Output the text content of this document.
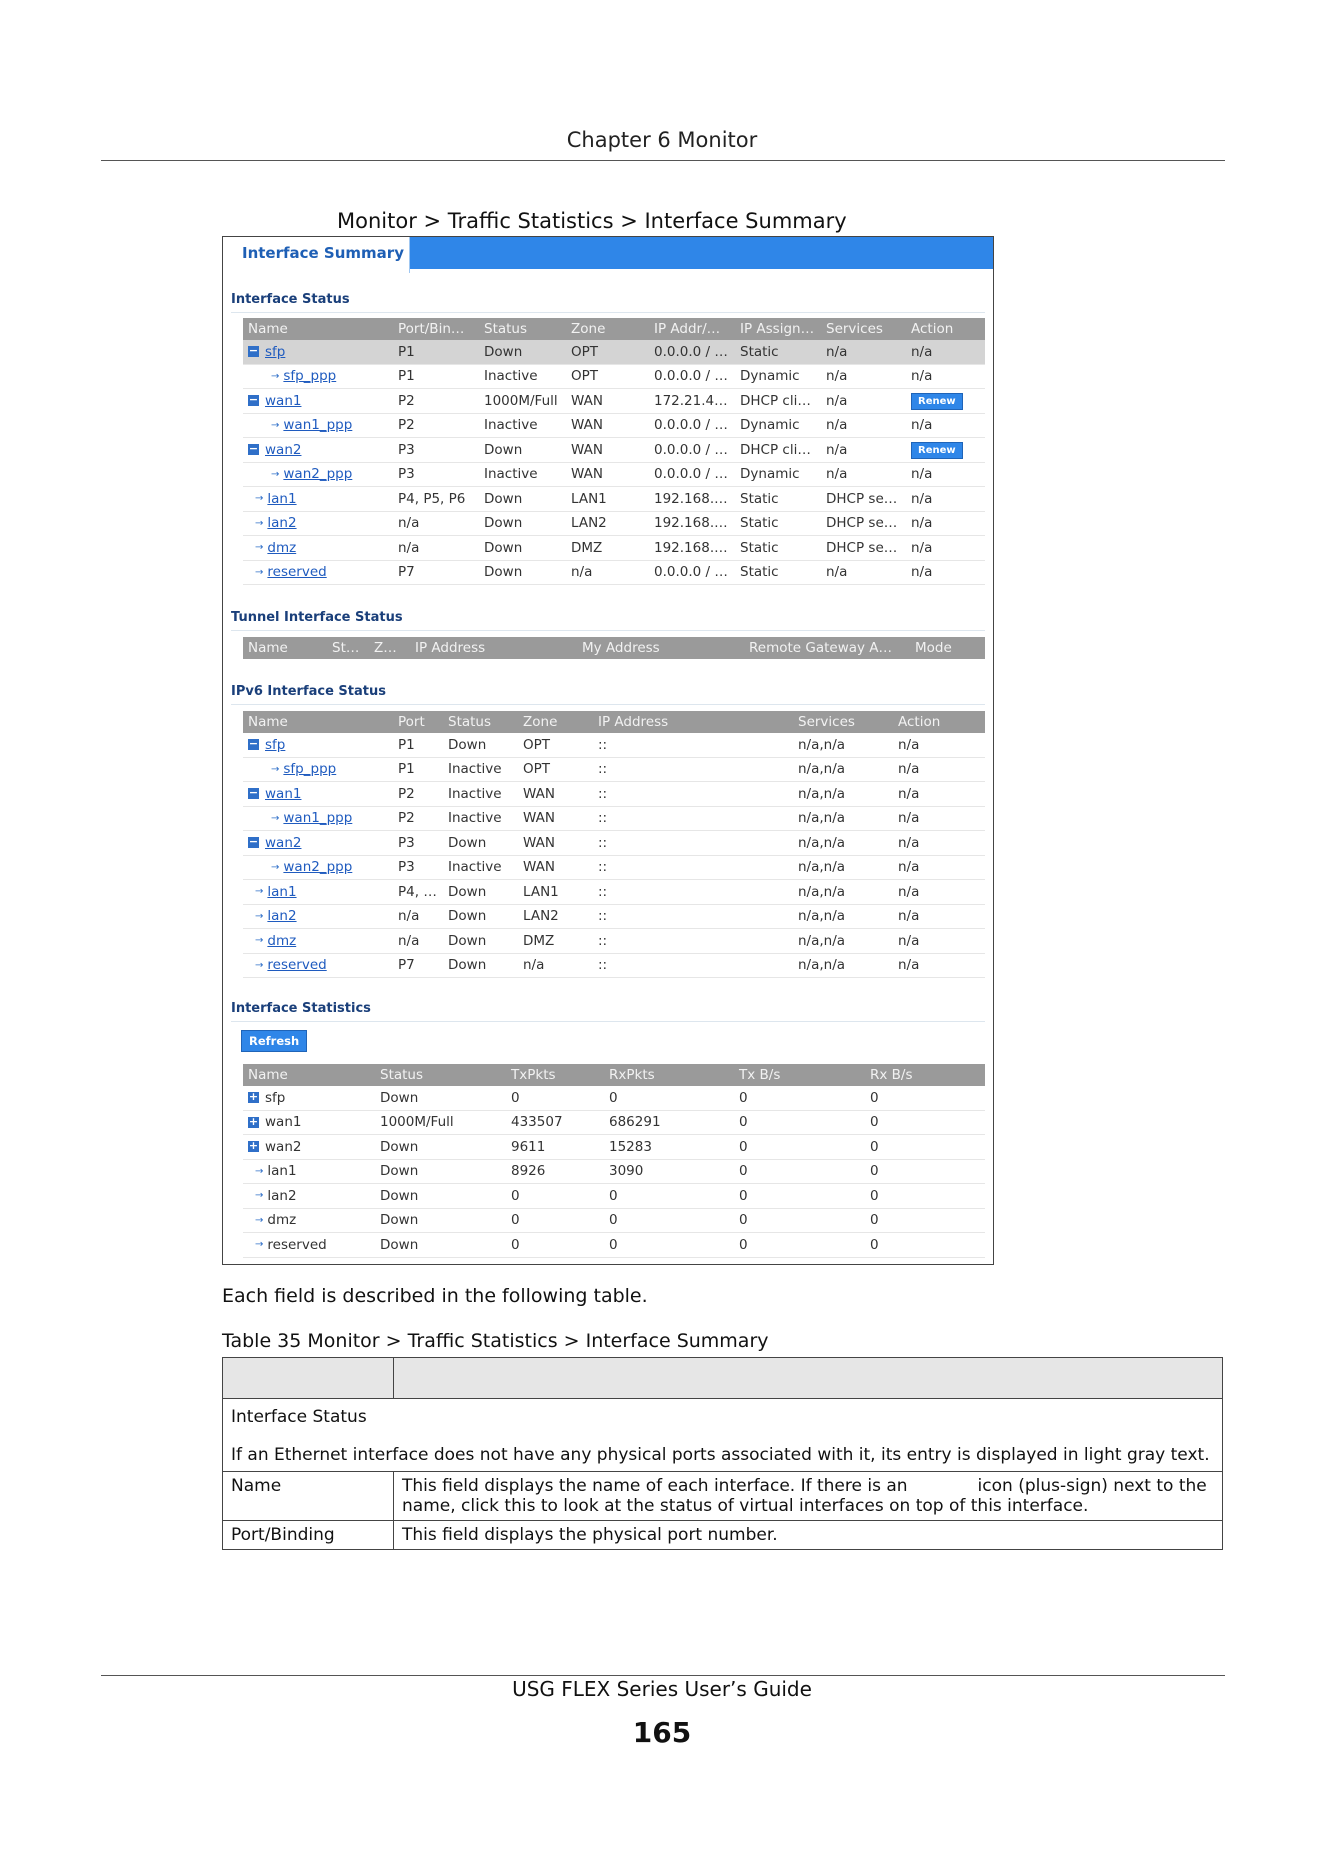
Chapter 6 Monitor
Monitor > Traffic Statistics > Interface Summary
Interface Summary
Interface Status
Name	Port/Bin…	Status	Zone	IP Addr/…	IP Assign…	Services	Action
− sfp	P1	Down	OPT	0.0.0.0 / …	Static	n/a	n/a
→ sfp_ppp	P1	Inactive	OPT	0.0.0.0 / …	Dynamic	n/a	n/a
− wan1	P2	1000M/Full	WAN	172.21.4…	DHCP cli…	n/a	Renew
→ wan1_ppp	P2	Inactive	WAN	0.0.0.0 / …	Dynamic	n/a	n/a
− wan2	P3	Down	WAN	0.0.0.0 / …	DHCP cli…	n/a	Renew
→ wan2_ppp	P3	Inactive	WAN	0.0.0.0 / …	Dynamic	n/a	n/a
→ lan1	P4, P5, P6	Down	LAN1	192.168.…	Static	DHCP se…	n/a
→ lan2	n/a	Down	LAN2	192.168.…	Static	DHCP se…	n/a
→ dmz	n/a	Down	DMZ	192.168.…	Static	DHCP se…	n/a
→ reserved	P7	Down	n/a	0.0.0.0 / …	Static	n/a	n/a
Tunnel Interface Status
Name	St…	Z…	IP Address	My Address	Remote Gateway A…	Mode
IPv6 Interface Status
Name	Port	Status	Zone	IP Address	Services	Action
− sfp	P1	Down	OPT	::	n/a,n/a	n/a
→ sfp_ppp	P1	Inactive	OPT	::	n/a,n/a	n/a
− wan1	P2	Inactive	WAN	::	n/a,n/a	n/a
→ wan1_ppp	P2	Inactive	WAN	::	n/a,n/a	n/a
− wan2	P3	Down	WAN	::	n/a,n/a	n/a
→ wan2_ppp	P3	Inactive	WAN	::	n/a,n/a	n/a
→ lan1	P4, …	Down	LAN1	::	n/a,n/a	n/a
→ lan2	n/a	Down	LAN2	::	n/a,n/a	n/a
→ dmz	n/a	Down	DMZ	::	n/a,n/a	n/a
→ reserved	P7	Down	n/a	::	n/a,n/a	n/a
Interface Statistics
Refresh
Name	Status	TxPkts	RxPkts	Tx B/s	Rx B/s
+ sfp	Down	0	0	0	0
+ wan1	1000M/Full	433507	686291	0	0
+ wan2	Down	9611	15283	0	0
→ lan1	Down	8926	3090	0	0
→ lan2	Down	0	0	0	0
→ dmz	Down	0	0	0	0
→ reserved	Down	0	0	0	0
Each field is described in the following table.
Table 35 Monitor > Traffic Statistics > Interface Summary

Interface Status
If an Ethernet interface does not have any physical ports associated with it, its entry is displayed in light gray text.	

Name	This field displays the name of each interface. If there is an icon (plus-sign) next to the name, click this to look at the status of virtual interfaces on top of this interface.
Port/Binding	This field displays the physical port number.
USG FLEX Series User’s Guide
165
